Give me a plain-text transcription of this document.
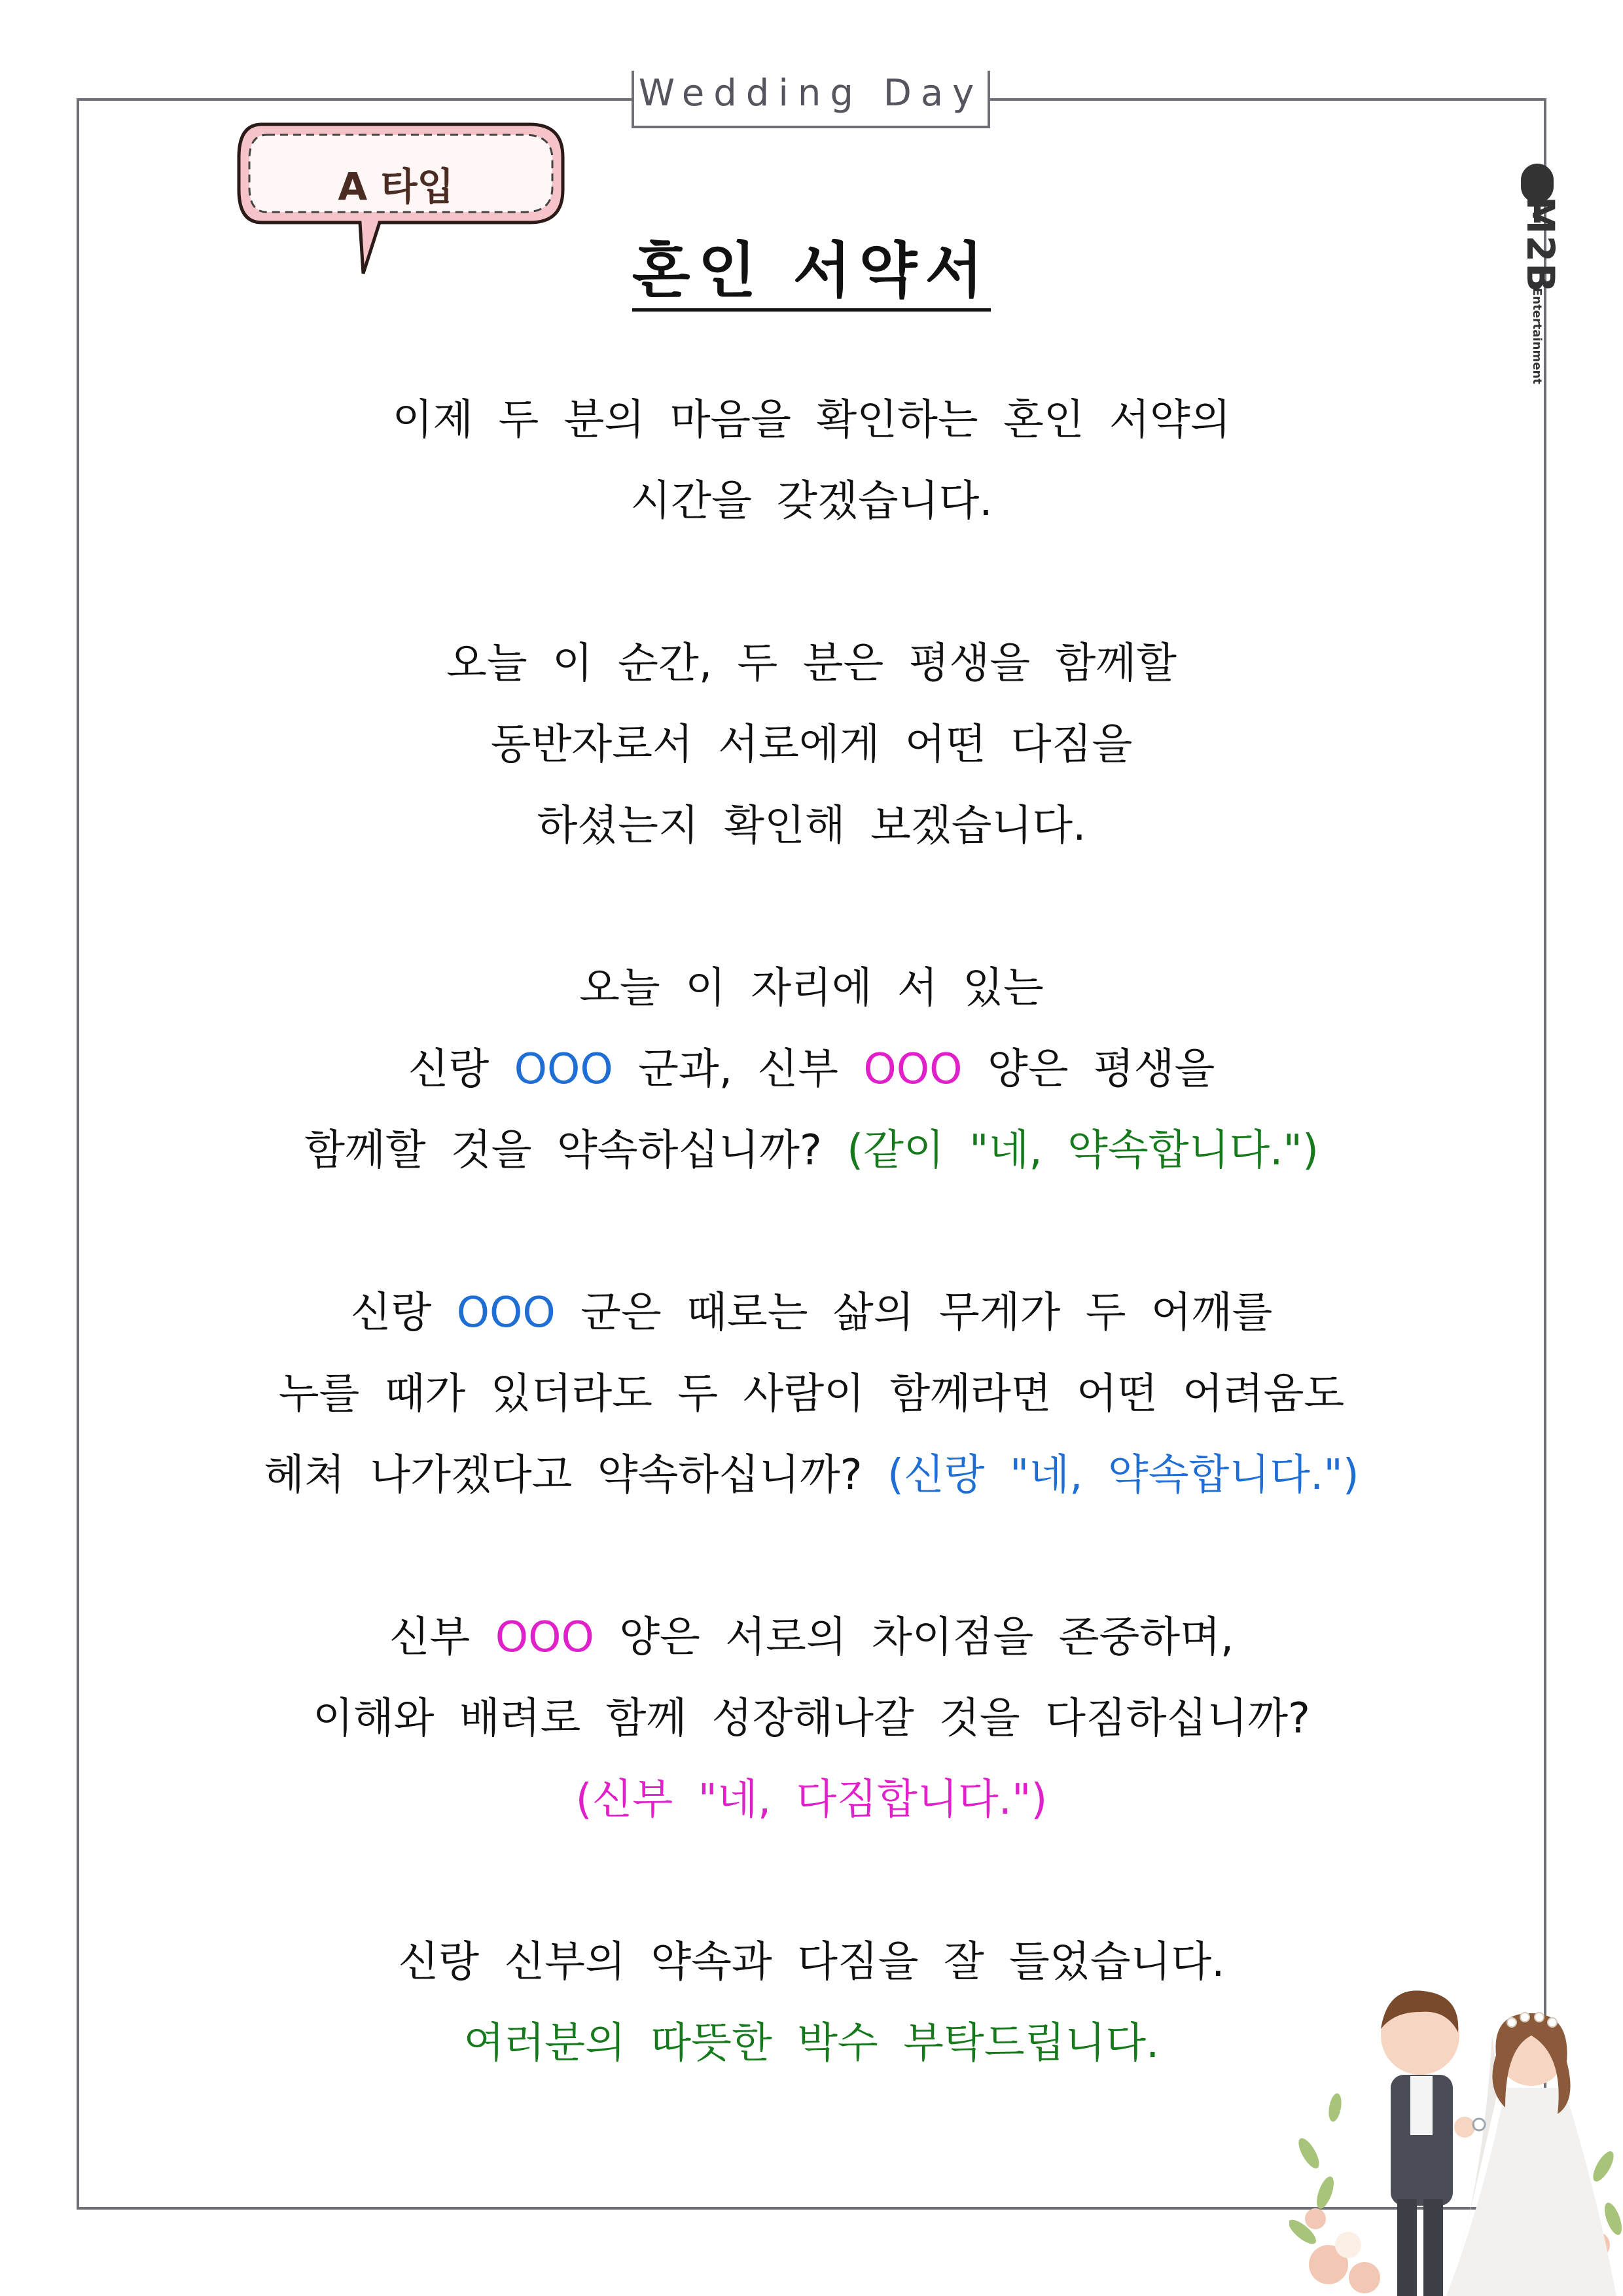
Wedding Day
A 타입
M2B
Entertainment
혼인 서약서
이제 두 분의 마음을 확인하는 혼인 서약의
시간을 갖겠습니다.
오늘 이 순간, 두 분은 평생을 함께할
동반자로서 서로에게 어떤 다짐을
하셨는지 확인해 보겠습니다.
오늘 이 자리에 서 있는
신랑 OOO 군과, 신부 OOO 양은 평생을
함께할 것을 약속하십니까? (같이 "네, 약속합니다.")
신랑 OOO 군은 때로는 삶의 무게가 두 어깨를
누를 때가 있더라도 두 사람이 함께라면 어떤 어려움도
헤쳐 나가겠다고 약속하십니까? (신랑 "네, 약속합니다.")
신부 OOO 양은 서로의 차이점을 존중하며,
이해와 배려로 함께 성장해나갈 것을 다짐하십니까?
(신부 "네, 다짐합니다.")
신랑 신부의 약속과 다짐을 잘 들었습니다.
여러분의 따뜻한 박수 부탁드립니다.
